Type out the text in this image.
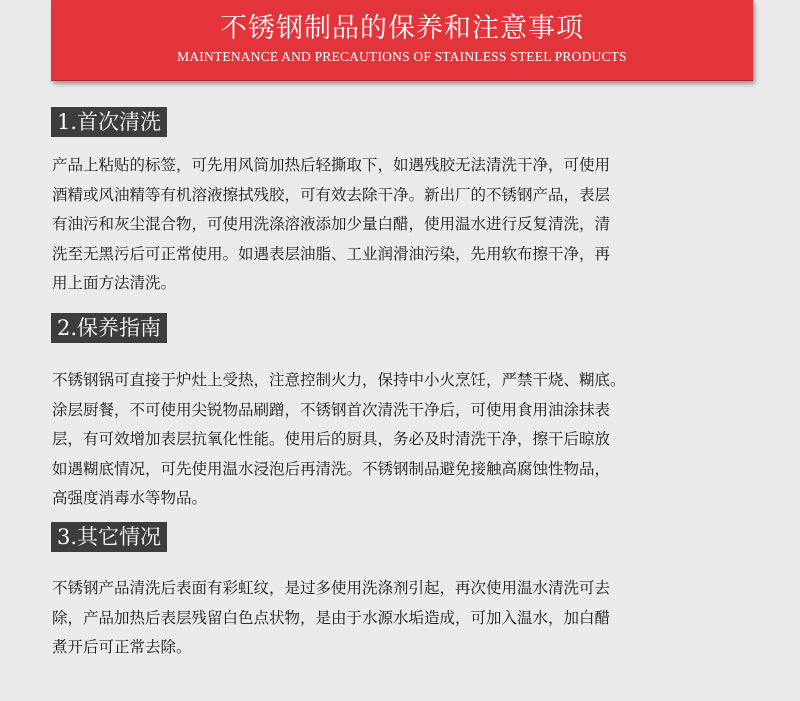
不锈钢制品的保养和注意事项
MAINTENANCE AND PRECAUTIONS OF STAINLESS STEEL PRODUCTS
1.首次清洗
产品上粘贴的标签，可先用风筒加热后轻撕取下，如遇残胶无法清洗干净，可使用
酒精或风油精等有机溶液擦拭残胶，可有效去除干净。新出厂的不锈钢产品，表层
有油污和灰尘混合物，可使用洗涤溶液添加少量白醋，使用温水进行反复清洗，清
洗至无黑污后可正常使用。如遇表层油脂、工业润滑油污染，先用软布擦干净，再
用上面方法清洗。
2.保养指南
不锈钢锅可直接于炉灶上受热，注意控制火力，保持中小火烹饪，严禁干烧、糊底。
涂层厨餐，不可使用尖锐物品刷蹭，不锈钢首次清洗干净后，可使用食用油涂抹表
层，有可效增加表层抗氧化性能。使用后的厨具，务必及时清洗干净，擦干后晾放
如遇糊底情况，可先使用温水浸泡后再清洗。不锈钢制品避免接触高腐蚀性物品，
高强度消毒水等物品。
3.其它情况
不锈钢产品清洗后表面有彩虹纹，是过多使用洗涤剂引起，再次使用温水清洗可去
除，产品加热后表层残留白色点状物，是由于水源水垢造成，可加入温水，加白醋
煮开后可正常去除。
